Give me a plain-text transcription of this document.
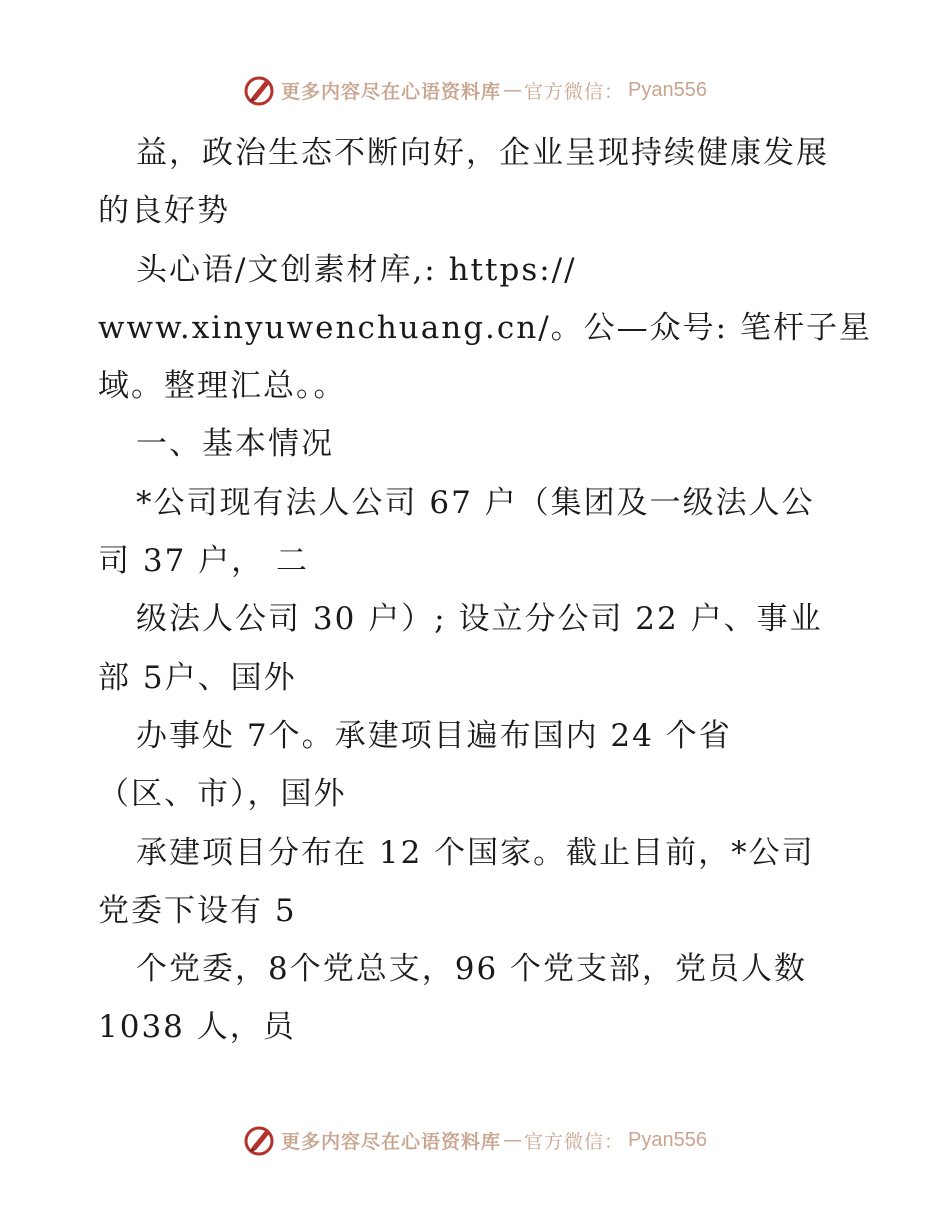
更多内容尽在心语资料库 — 官方微信： Pyan556
益，政治生态不断向好，企业呈现持续健康发展
的良好势
头心语/文创素材库,: https://
www.xinyuwenchuang.cn/。公—众号: 笔杆子星
域。整理汇总。。
一、基本情况
*公司现有法人公司 67 户（集团及一级法人公
司 37 户， 二
级法人公司 30 户）; 设立分公司 22 户、事业
部 5户、国外
办事处 7个。承建项目遍布国内 24 个省
（区、市），国外
承建项目分布在 12 个国家。截止目前，*公司
党委下设有 5
个党委，8个党总支，96 个党支部，党员人数
1038 人，员
更多内容尽在心语资料库 — 官方微信： Pyan556
